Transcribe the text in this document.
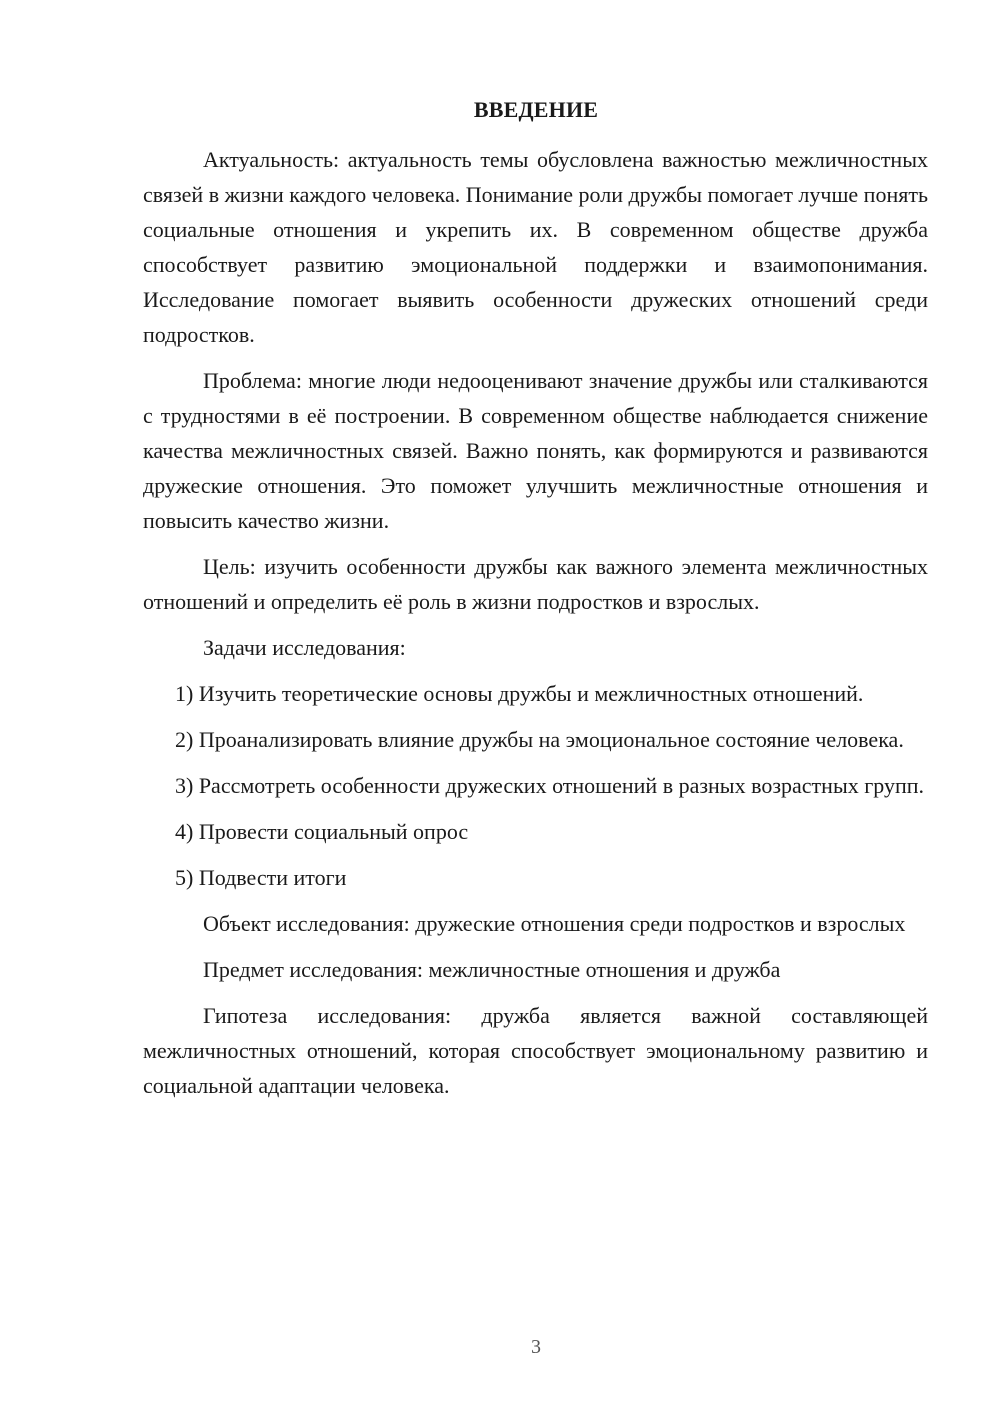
ВВЕДЕНИЕ

Актуальность: актуальность темы обусловлена важностью межличностных связей в жизни каждого человека. Понимание роли дружбы помогает лучше понять социальные отношения и укрепить их. В современном обществе дружба способствует развитию эмоциональной поддержки и взаимопонимания. Исследование помогает выявить особенности дружеских отношений среди подростков.

Проблема: многие люди недооценивают значение дружбы или сталкиваются с трудностями в её построении. В современном обществе наблюдается снижение качества межличностных связей. Важно понять, как формируются и развиваются дружеские отношения. Это поможет улучшить межличностные отношения и повысить качество жизни.

Цель: изучить особенности дружбы как важного элемента межличностных отношений и определить её роль в жизни подростков и взрослых.

Задачи исследования:

1) Изучить теоретические основы дружбы и межличностных отношений.

2) Проанализировать влияние дружбы на эмоциональное состояние человека.

3) Рассмотреть особенности дружеских отношений в разных возрастных групп.

4) Провести социальный опрос

5) Подвести итоги

Объект исследования: дружеские отношения среди подростков и взрослых

Предмет исследования: межличностные отношения и дружба

Гипотеза исследования: дружба является важной составляющей межличностных отношений, которая способствует эмоциональному развитию и социальной адаптации человека.

3
